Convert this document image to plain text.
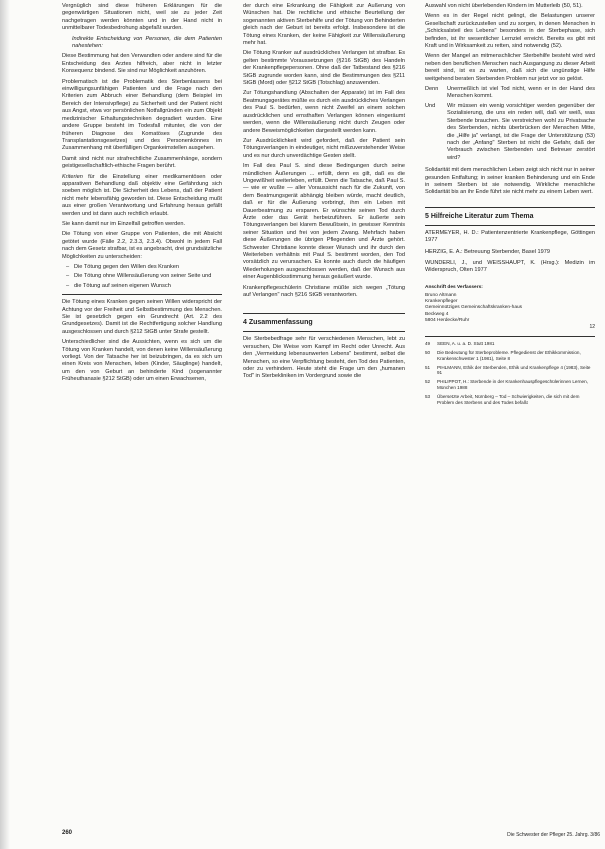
Vergnüglich sind diese früheren Erklärungen für die gegenwärtigen Situationen nicht, weil sie zu jeder Zeit nachgetragen werden könnten und in der Hand nicht in unmittelbarer Todesbedrohung abgefaßt wurden.

Indirekte Entscheidung von Personen, die dem Patienten nahestehen:

Diese Bestimmung hat den Verwandten oder andere sind für die Entscheidung des Arztes hilfreich, aber nicht in letzter Konsequenz bindend. Sie sind nur Möglichkeit anzuhören.

Problematisch ist die Problematik des Sterbenlassens bei einwilligungsunfähigen Patienten und die Frage nach den Kriterien zum Abbruch einer Behandlung (dem Beispiel im Bereich der Intensivpflege) zu Sicherheit und der Patient nicht aus Angst, etwa vor persönlichen Notfallgründen ein zum Objekt medizinischer Erhaltungstechniken degradiert wurden. Eine andere Gruppe besteht im Todesfall mitunter, die von der früheren Diagnose des Komatöses (Zugrunde des Transplantationsgesetzes) und des Personenkönnes im Zusammenhang mit überfälligen Organkeimstellen ausgehen.

Damit sind nicht nur strafrechtliche Zusammenhänge, sondern geistigesellschaftlich-ethische Fragen berührt.

Kriterien für die Einstellung einer medikamentösen oder apparativen Behandlung daß objektiv eine Gefährdung sich soeben möglich ist. Die Sicherheit des Lebens, daß der Patient nicht mehr lebensfähig geworden ist. Diese Entscheidung mußt aus einer großen Verantwortung und Erfahrung heraus gefällt werden und ist dann auch rechtlich erlaubt.

Sie kann damit nur im Einzelfall getroffen werden.

Die Tötung von einer Gruppe von Patienten, die mit Absicht getötet wurde (Fälle 2.2, 2.3.3, 2.3.4). Obwohl in jedem Fall nach dem Gesetz strafbar, ist es angebracht, drei grundsätzliche Möglichkeiten zu unterscheiden:

– Die Tötung gegen den Willen des Kranken
– Die Tötung ohne Willensäußerung von seiner Seite und
– die Tötung auf seinen eigenen Wunsch

Die Tötung eines Kranken gegen seinen Willen widerspricht der Achtung vor der Freiheit und Selbstbestimmung des Menschen. Sie ist gesetzlich gegen ein Grundrecht (Art. 2.2 des Grundgesetzes). Damit ist die Rechtfertigung solcher Handlung ausgeschlossen und durch §212 StGB unter Strafe gestellt.

Unterschiedlicher sind die Aussichten, wenn es sich um die Tötung von Kranken handelt, von denen keine Willensäußerung vorliegt. Von der Tatsache her ist beizubringen, da es sich um einen Kreis von Menschen, leben (Kinder, Säuglinge) handelt, um den von Geburt an behinderte Kind (sogenannter Früheuthanasie §212 StGB) oder um einen Erwachsenen,

der durch eine Erkrankung die Fähigkeit zur Äußerung von Wünschen hat. Die rechtliche und ethische Beurteilung der sogenannten aktiven Sterbehilfe und der Tötung von Behinderten gleich nach der Geburt ist bereits erfolgt. Insbesondere ist die Tötung eines Kranken, der keine Fähigkeit zur Willensäußerung mehr hat.

Die Tötung Kranker auf ausdrückliches Verlangen ist strafbar. Es gelten bestimmte Voraussetzungen (§216 StGB) des Handeln der Krankenpflegepersonen. Ohne daß der Tatbestand des §216 StGB zugrunde worden kann, sind die Bestimmungen des §211 StGB (Mord) oder §212 StGB (Totschlag) anzuwenden.

Zur Tötungshandlung (Abschalten der Apparate) ist im Fall des Beatmungsgerätes müßte es durch ein ausdrückliches Verlangen des Paul S. bedürfen, wenn nicht Zweifel an einem solchen ausdrücklichen und ernsthaften Verlangen können eingeräumt werden, wenn die Willensäußerung nicht durch Zeugen oder andere Beweismöglichkeiten dargestellt werden kann.

Zur Ausdrücklichkeit wird gefordert, daß der Patient sein Tötungsverlangen in eindeutiger, nicht mißzuverstehender Weise und es nur durch unverdächtige Gesten stellt.

Im Fall des Paul S. sind diese Bedingungen durch seine mündlichen Äußerungen ... erfüllt, denn es gilt, daß es die Ungewißheit weiterleben, erfüllt. Denn die Tatsache, daß Paul S. — wie er wußte — aller Voraussicht nach für die Zukunft, von dem Beatmungsgerät abhängig bleiben würde, macht deutlich, daß er für die Äußerung vorbringt, ihm ein Leben mit Dauerbeatmung zu ersparen. Er wünschte seinen Tod durch Ärzte oder das Gerät herbeizuführen. Er äußerte sein Tötungsverlangen bei klarem Bewußtsein, in gewisser Kenntnis seiner Situation und frei von jedem Zwang. Mehrfach haben diese Äußerungen die übrigen Pflegenden und Ärzte gehört. Schwester Christiane konnte dieser Wunsch und ihr durch den Weiterleben verhältnis mit Paul S. bestimmt worden, den Tod vorsätzlich zu verursachen. Es konnte auch durch die häufigen Wiederholungen ausgeschlossen werden, daß der Wunsch aus einer Augenblicksstimmung heraus geäußert wurde.

Krankenpflegeschülerin Christiane müßte sich wegen „Tötung auf Verlangen" nach §216 StGB verantworten.

4 Zusammenfassung

Die Sterbebedfrage sehr für verschiedenen Menschen, lebt zu versuchen, Die Weise vom Kampf im Recht oder Unrecht. Aus den „Vermeidung lebensunwerten Lebens" bestimmt, selbst die Menschen, so eine Verpflichtung besteht, den Tod des Patienten, oder zu verhindern. Heute steht die Frage um den „humanen Tod" in Sterbekliniken im Vordergrund sowie die

Auswahl von nicht überlebenden Kindern im Mutterleib (50, 51).

Wenn es in der Regel nicht gelingt, die Belastungen unserer Gesellschaft zurückzustellen und zu sorgen, in denen Menschen in „Schicksalsteil des Lebens" besonders in der Sterbephase, sich befinden, ist ihr wesentlicher Lernziel erreicht. Bereits es gibt mit Kraft und in Wirksamkeit zu retten, sind notwendig (52).

Wenn der Mangel an mitmenschlicher Sterbehilfe besteht wird wird neben den beruflichen Menschen nach Ausgangung zu dieser Arbeit bereit sind, ist es zu warten, daß sich die ungünstige Hilfe weitgehend beraten Sterbenden Problem nur jetzt vor so gelöst.

Denn	Unermeßlich ist viel Tod nicht, wenn er in der Hand des Menschen kommt.
Und	Wir müssen ein wenig vorsichtiger werden gegenüber der Sozialisierung, die uns ein reden will, daß wir weiß, was Sterbende brauchen. Sie verstreichen wohl zu Privatsache des Sterbenden, nichts überbrücken der Menschen Mitte, die „Hilfe ja" verlangt, ist die Frage der Unterstützung (53) nach der „Anfang" Sterben ist nicht die Gefahr, daß der Verbrauch zwischen Sterbenden und Betreuer zerstört wird?

Solidarität mit dem menschlichen Leben zeigt sich nicht nur in seiner gesunden Entfaltung; in seiner kranken Behinderung und ein Ende in seinem Sterben ist sie notwendig. Wirkliche menschliche Solidarität bis an ihr Ende führt sie nicht mehr zu einem Leben wert.

5 Hilfreiche Literatur zum Thema

ATERMEYER, H. D.: Patientenzentrierte Krankenpflege, Göttingen 1977

HERZIG, E. A.: Betreuung Sterbender, Basel 1979

WUNDERLI, J., und WEISSHAUPT, K. (Hrsg.): Medizin im Widerspruch, Olten 1977

Anschrift des Verfassers:
Bruno Altmann
Krankenpfleger
Gemeinnütziges Gemeinschaftskranken-haus
Beckweg 4
5804 Herdecke/Ruhr
12
49	SEEN, A. u. a. D. Stutt 1981
50	Die Bedeutung für Sterbeprobleme. Pflegedienst der Ethikkommission, Krankenschwester 1 (1981), Seite 8
51	PIHLMANN, Ethik der Sterbenden, Ethik und Krankenpflege 4 (1983), Seite 91
52	PHILIPPOT, H.: Sterbende in der Krankenhauspflegeschülerinnen Lernen, München 1988
53	Übersetzte Arbeit, Nürnberg – Tod – Schwierigkeiten, die sich mit dem Problem des Sterbens und des Todes befaßt
260	Die Schwester der Pfleger 25. Jahrg. 3/86
